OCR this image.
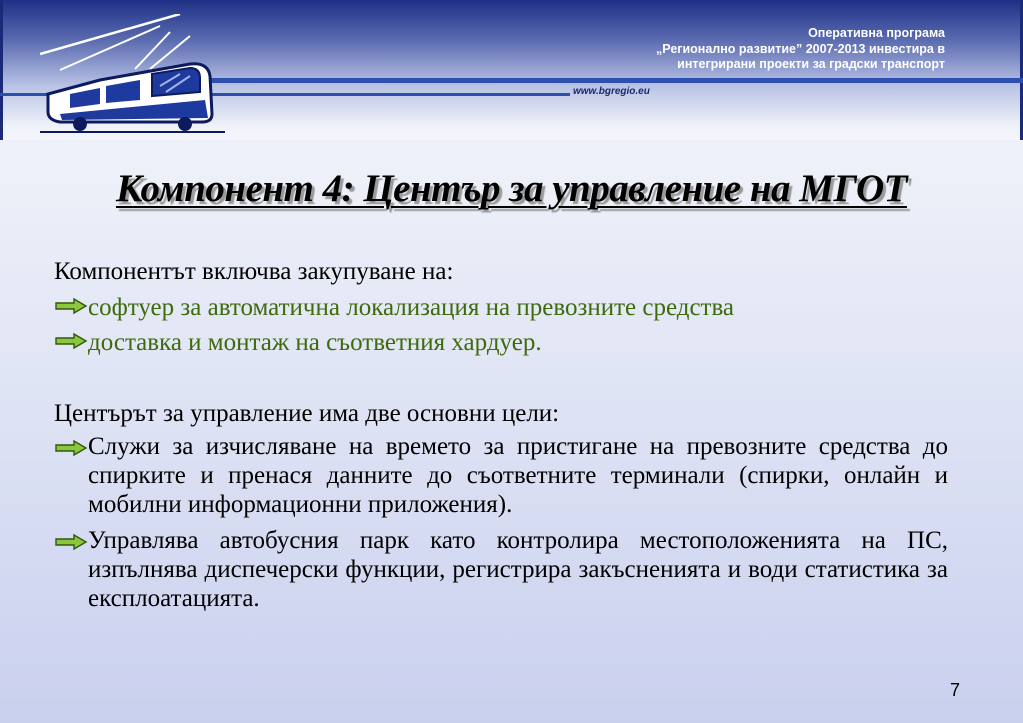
Оперативна програма
„Регионално развитие” 2007-2013 инвестира в
интегрирани проекти за градски транспорт
www.bgregio.eu
Компонент 4: Център за управление на МГОТ
Компонентът включва закупуване на:
софтуер за автоматична локализация на превозните средства
доставка и монтаж на съответния хардуер.
Центърът за управление има две основни цели:
Служи за изчисляване на времето за пристигане на превозните средства до спирките и пренася данните до съответните терминали (спирки, онлайн и мобилни информационни приложения).
Управлява автобусния парк като контролира местоположенията на ПС, изпълнява диспечерски функции, регистрира закъсненията и води статистика за експлоатацията.
7
